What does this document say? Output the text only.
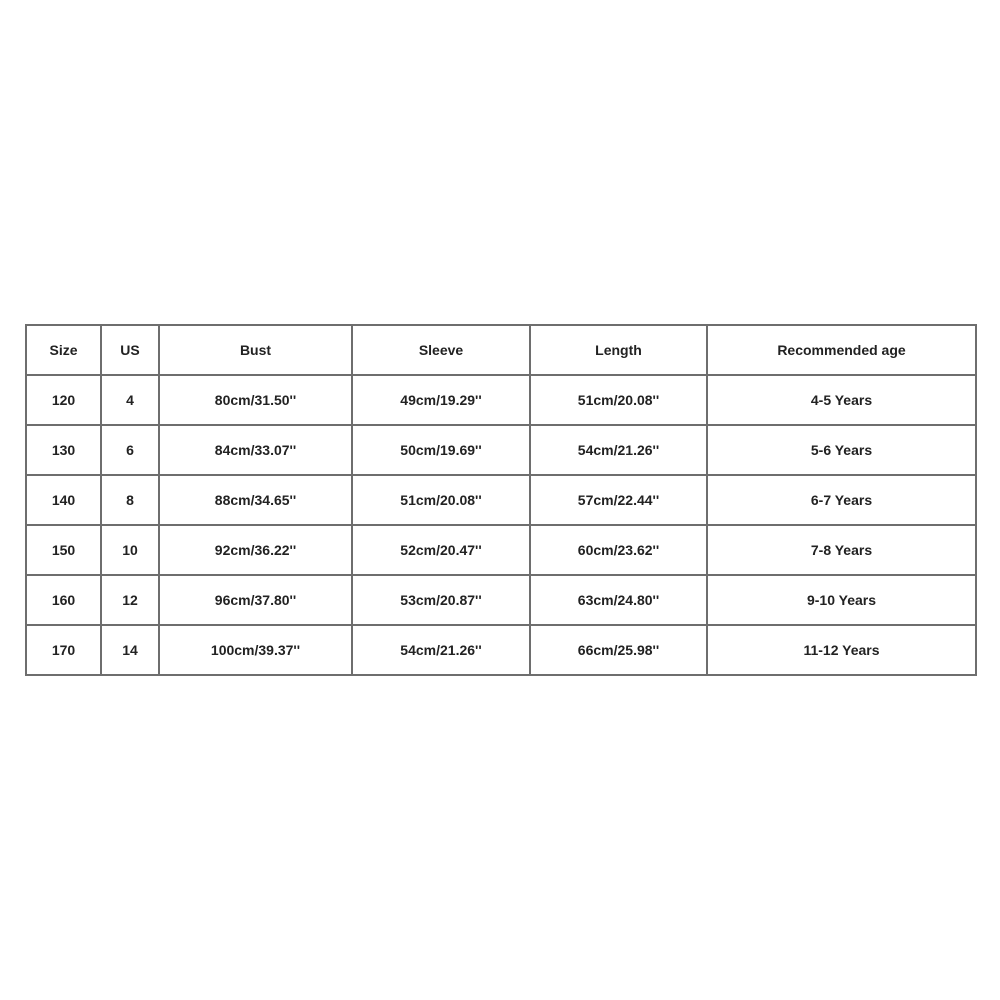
Size	US	Bust	Sleeve	Length	Recommended age
120	4	80cm/31.50''	49cm/19.29''	51cm/20.08''	4-5 Years
130	6	84cm/33.07''	50cm/19.69''	54cm/21.26''	5-6 Years
140	8	88cm/34.65''	51cm/20.08''	57cm/22.44''	6-7 Years
150	10	92cm/36.22''	52cm/20.47''	60cm/23.62''	7-8 Years
160	12	96cm/37.80''	53cm/20.87''	63cm/24.80''	9-10 Years
170	14	100cm/39.37''	54cm/21.26''	66cm/25.98''	11-12 Years
